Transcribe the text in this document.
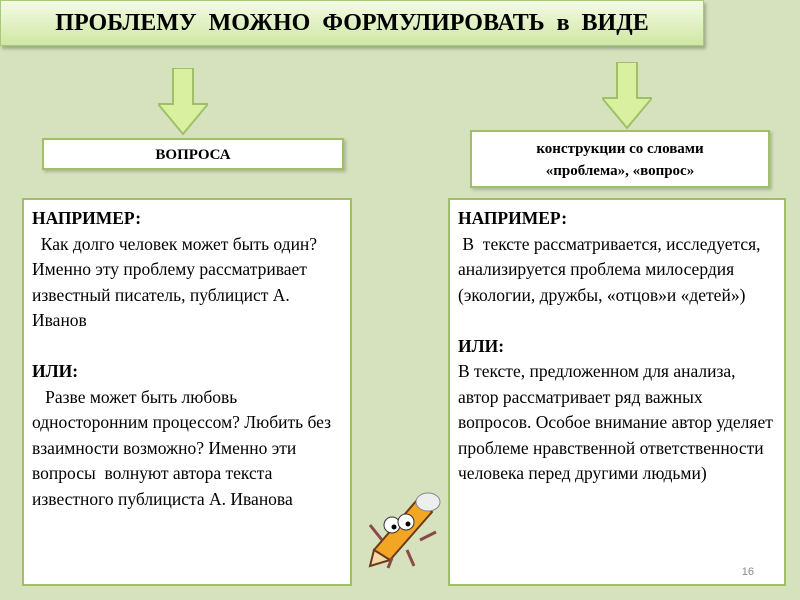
ПРОБЛЕМУ МОЖНО ФОРМУЛИРОВАТЬ в ВИДЕ
ВОПРОСА	конструкции со словами
«проблема», «вопрос»
НАПРИМЕР:
Как долго человек может быть один?   Именно эту проблему рассматривает известный писатель, публицист А. Иванов

ИЛИ:
Разве может быть любовь односторонним процессом? Любить без взаимности возможно? Именно эти вопросы  волнуют автора текста известного публициста А. Иванова
НАПРИМЕР:
В  тексте рассматривается, исследуется, анализируется проблема милосердия (экологии, дружбы, «отцов»и «детей»)

ИЛИ:
В тексте, предложенном для анализа, автор рассматривает ряд важных вопросов. Особое внимание автор уделяет проблеме нравственной ответственности человека перед другими людьми)
16
